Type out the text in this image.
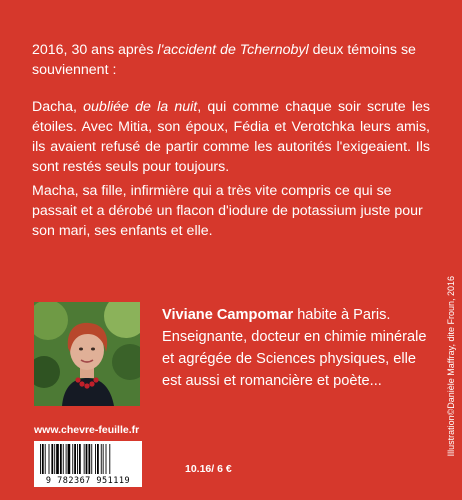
2016, 30 ans après l'accident de Tchernobyl deux témoins se souviennent :

Dacha, oubliée de la nuit, qui comme chaque soir scrute les étoiles. Avec Mitia, son époux, Fédia et Verotchka leurs amis, ils avaient refusé de partir comme les autorités l'exigeaient. Ils sont restés seuls pour toujours.

Macha, sa fille, infirmière qui a très vite compris ce qui se passait et a dérobé un flacon d'iodure de potassium juste pour son mari, ses enfants et elle.

Viviane Campomar habite à Paris. Enseignante, docteur en chimie minérale et agrégée de Sciences physiques, elle est aussi et romancière et poète...

www.chevre-feuille.fr
9 782367 951119
10.16/ 6 €
Illustration©Danièle Maffray, dite Froun, 2016
